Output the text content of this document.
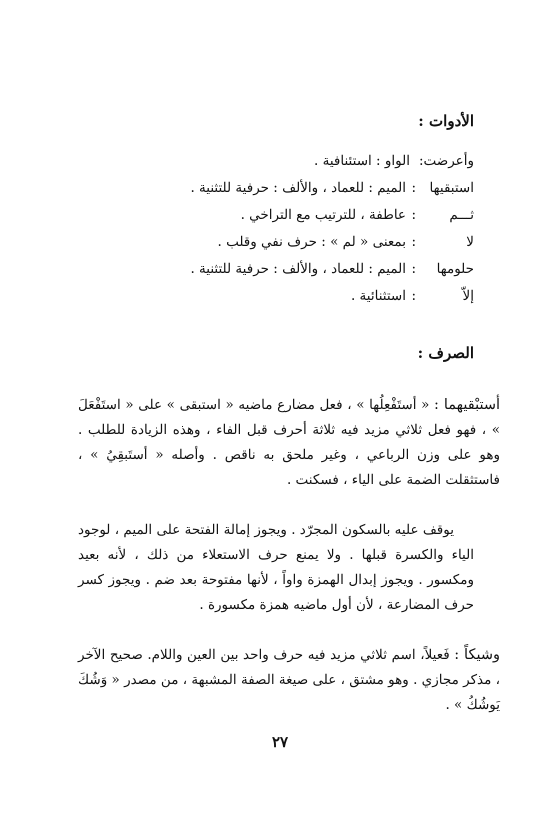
الأدوات :
وأعرضت:
الواو : استئنافية .
استبقيها
:
الميم : للعماد ، والألف : حرفية للتثنية .
ثـــم
:
عاطفة ، للترتيب مع التراخي .
لا
:
بمعنى « لم » : حرف نفي وقلب .
حلومها
:
الميم : للعماد ، والألف : حرفية للتثنية .
إلاّ
:
استثنائية .
الصرف :
أستبْقيهما : « أستَفْعِلُها » ، فعل مضارع ماضيه « استبقى » على « استَفْعَلَ » ، فهو فعل ثلاثي مزيد فيه ثلاثة أحرف قبل الفاء ، وهذه الزيادة للطلب . وهو على وزن الرباعي ، وغير ملحق به ناقص . وأصله « أستَبقِيُ » ، فاستثقلت الضمة على الياء ، فسكنت .
يوقف عليه بالسكون المجرّد . ويجوز إمالة الفتحة على الميم ، لوجود الياء والكسرة قبلها . ولا يمنع حرف الاستعلاء من ذلك ، لأنه بعيد ومكسور . ويجوز إبدال الهمزة واواً ، لأنها مفتوحة بعد ضم . ويجوز كسر حرف المضارعة ، لأن أول ماضيه همزة مكسورة .
وشيكاً : فَعيلاً، اسم ثلاثي مزيد فيه حرف واحد بين العين واللام. صحيح الآخر ، مذكر مجازي . وهو مشتق ، على صيغة الصفة المشبهة ، من مصدر « وَشُكَ يَوشُكُ » .
٢٧
